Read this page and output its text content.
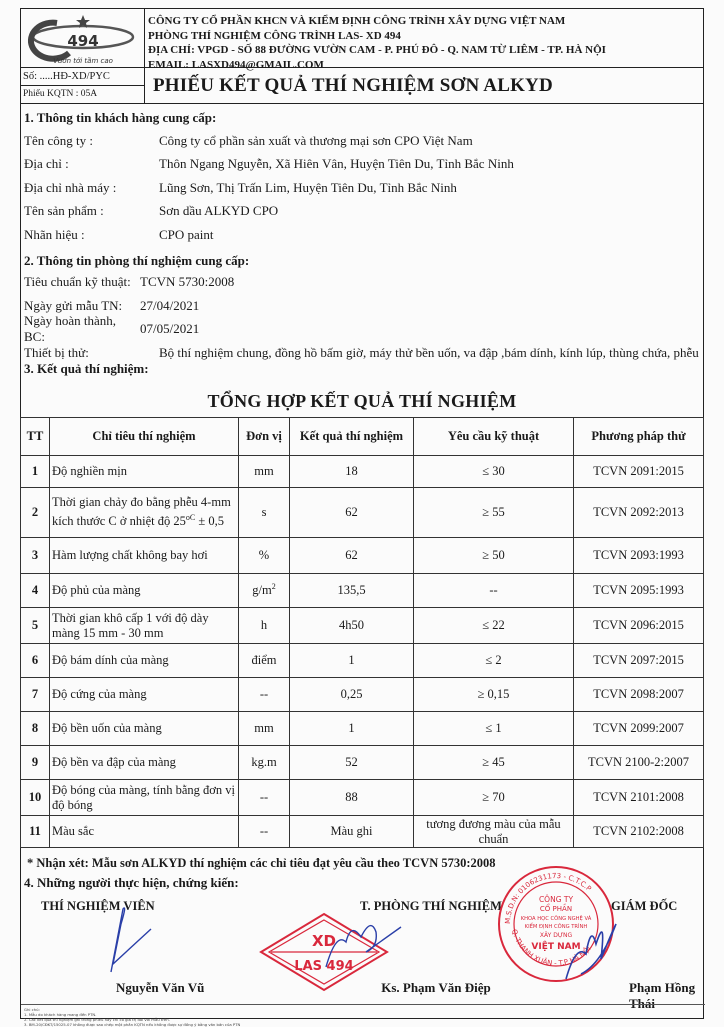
494
Vươn tới tầm cao
CÔNG TY CỔ PHẦN KHCN VÀ KIỂM ĐỊNH CÔNG TRÌNH XÂY DỰNG VIỆT NAM
PHÒNG THÍ NGHIỆM CÔNG TRÌNH LAS- XD 494
ĐỊA CHỈ: VPGD - SỐ 88 ĐƯỜNG VƯỜN CAM - P. PHÚ ĐÔ - Q. NAM TỪ LIÊM - TP. HÀ NỘI
EMAIL: LASXD494@GMAIL.COM
Số: .....HĐ-XD/PYC
Phiếu KQTN : 05A	PHIẾU KẾT QUẢ THÍ NGHIỆM SƠN ALKYD
1. Thông tin khách hàng cung cấp:
Tên công ty :	Công ty cổ phần sản xuất và thương mại sơn CPO Việt Nam
Địa chỉ :	Thôn Ngang Nguyễn, Xã Hiên Vân, Huyện Tiên Du, Tỉnh Bắc Ninh
Địa chỉ nhà máy :	Lũng Sơn, Thị Trấn Lim, Huyện Tiên Du, Tỉnh Bắc Ninh
Tên sản phẩm :	Sơn dầu ALKYD CPO
Nhãn hiệu :	CPO paint
2. Thông tin phòng thí nghiệm cung cấp:
Tiêu chuẩn kỹ thuật: TCVN 5730:2008
Ngày gửi mẫu TN:	27/04/2021
Ngày hoàn thành, BC:
07/05/2021
Thiết bị thử:	Bộ thí nghiệm chung, đồng hồ bấm giờ, máy thử bền uốn, va đập ,bám dính, kính lúp, thùng chứa, phễu
3. Kết quả thí nghiệm:
TỔNG HỢP KẾT QUẢ THÍ NGHIỆM
TT	Chỉ tiêu thí nghiệm	Đơn vị	Kết quả thí nghiệm	Yêu cầu kỹ thuật	Phương pháp thử
1	Độ nghiền mịn	mm	18	≤ 30	TCVN 2091:2015
2	Thời gian chảy đo bằng phễu 4-mm kích thước C ở nhiệt độ $25^{oC} \pm 0,5$	s	62	≥ 55	TCVN 2092:2013
3	Hàm lượng chất không bay hơi	%	62	≥ 50	TCVN 2093:1993
4	Độ phủ của màng	$g/m^2$	135,5	--	TCVN 2095:1993
5	Thời gian khô cấp 1 với độ dày màng 15 mm - 30 mm	h	4h50	≤ 22	TCVN 2096:2015
6	Độ bám dính của màng	điểm	1	≤ 2	TCVN 2097:2015
7	Độ cứng của màng	--	0,25	≥ 0,15	TCVN 2098:2007
8	Độ bền uốn của màng	mm	1	≤ 1	TCVN 2099:2007
9	Độ bền va đập của màng	kg.m	52	≥ 45	TCVN 2100-2:2007
10	Độ bóng của màng, tính bằng đơn vị độ bóng	--	88	≥ 70	TCVN 2101:2008
11	Màu sắc	--	Màu ghi	tương đương màu của mẫu chuẩn	TCVN 2102:2008
* Nhận xét: Mẫu sơn ALKYD thí nghiệm các chỉ tiêu đạt yêu cầu theo TCVN 5730:2008
4. Những người thực hiện, chứng kiến:
THÍ NGHIỆM VIÊN	T. PHÒNG THÍ NGHIỆM	GIÁM ĐỐC
XD
LAS 494
CÔNG TY
CỔ PHẦN
KHOA HỌC CÔNG NGHỆ VÀ
KIỂM ĐỊNH CÔNG TRÌNH
XÂY DỰNG
VIỆT NAM
M.S.D.N: 0106231173 - C.T.C.P
Q. THANH XUÂN - T.P HÀ NỘI
Nguyễn Văn Vũ	Ks. Phạm Văn Điệp	Phạm Hồng Thái
Ghi chú:
1. Mẫu do khách hàng mang đến PTN.
2. Các kết quả thí nghiệm ghi trong phiếu này chỉ có giá trị đối với mẫu trên.
3. BM-20/CĐKT/15025-07 không được sao chép một phần KQTN nếu không được sự đồng ý bằng văn bản của PTN
